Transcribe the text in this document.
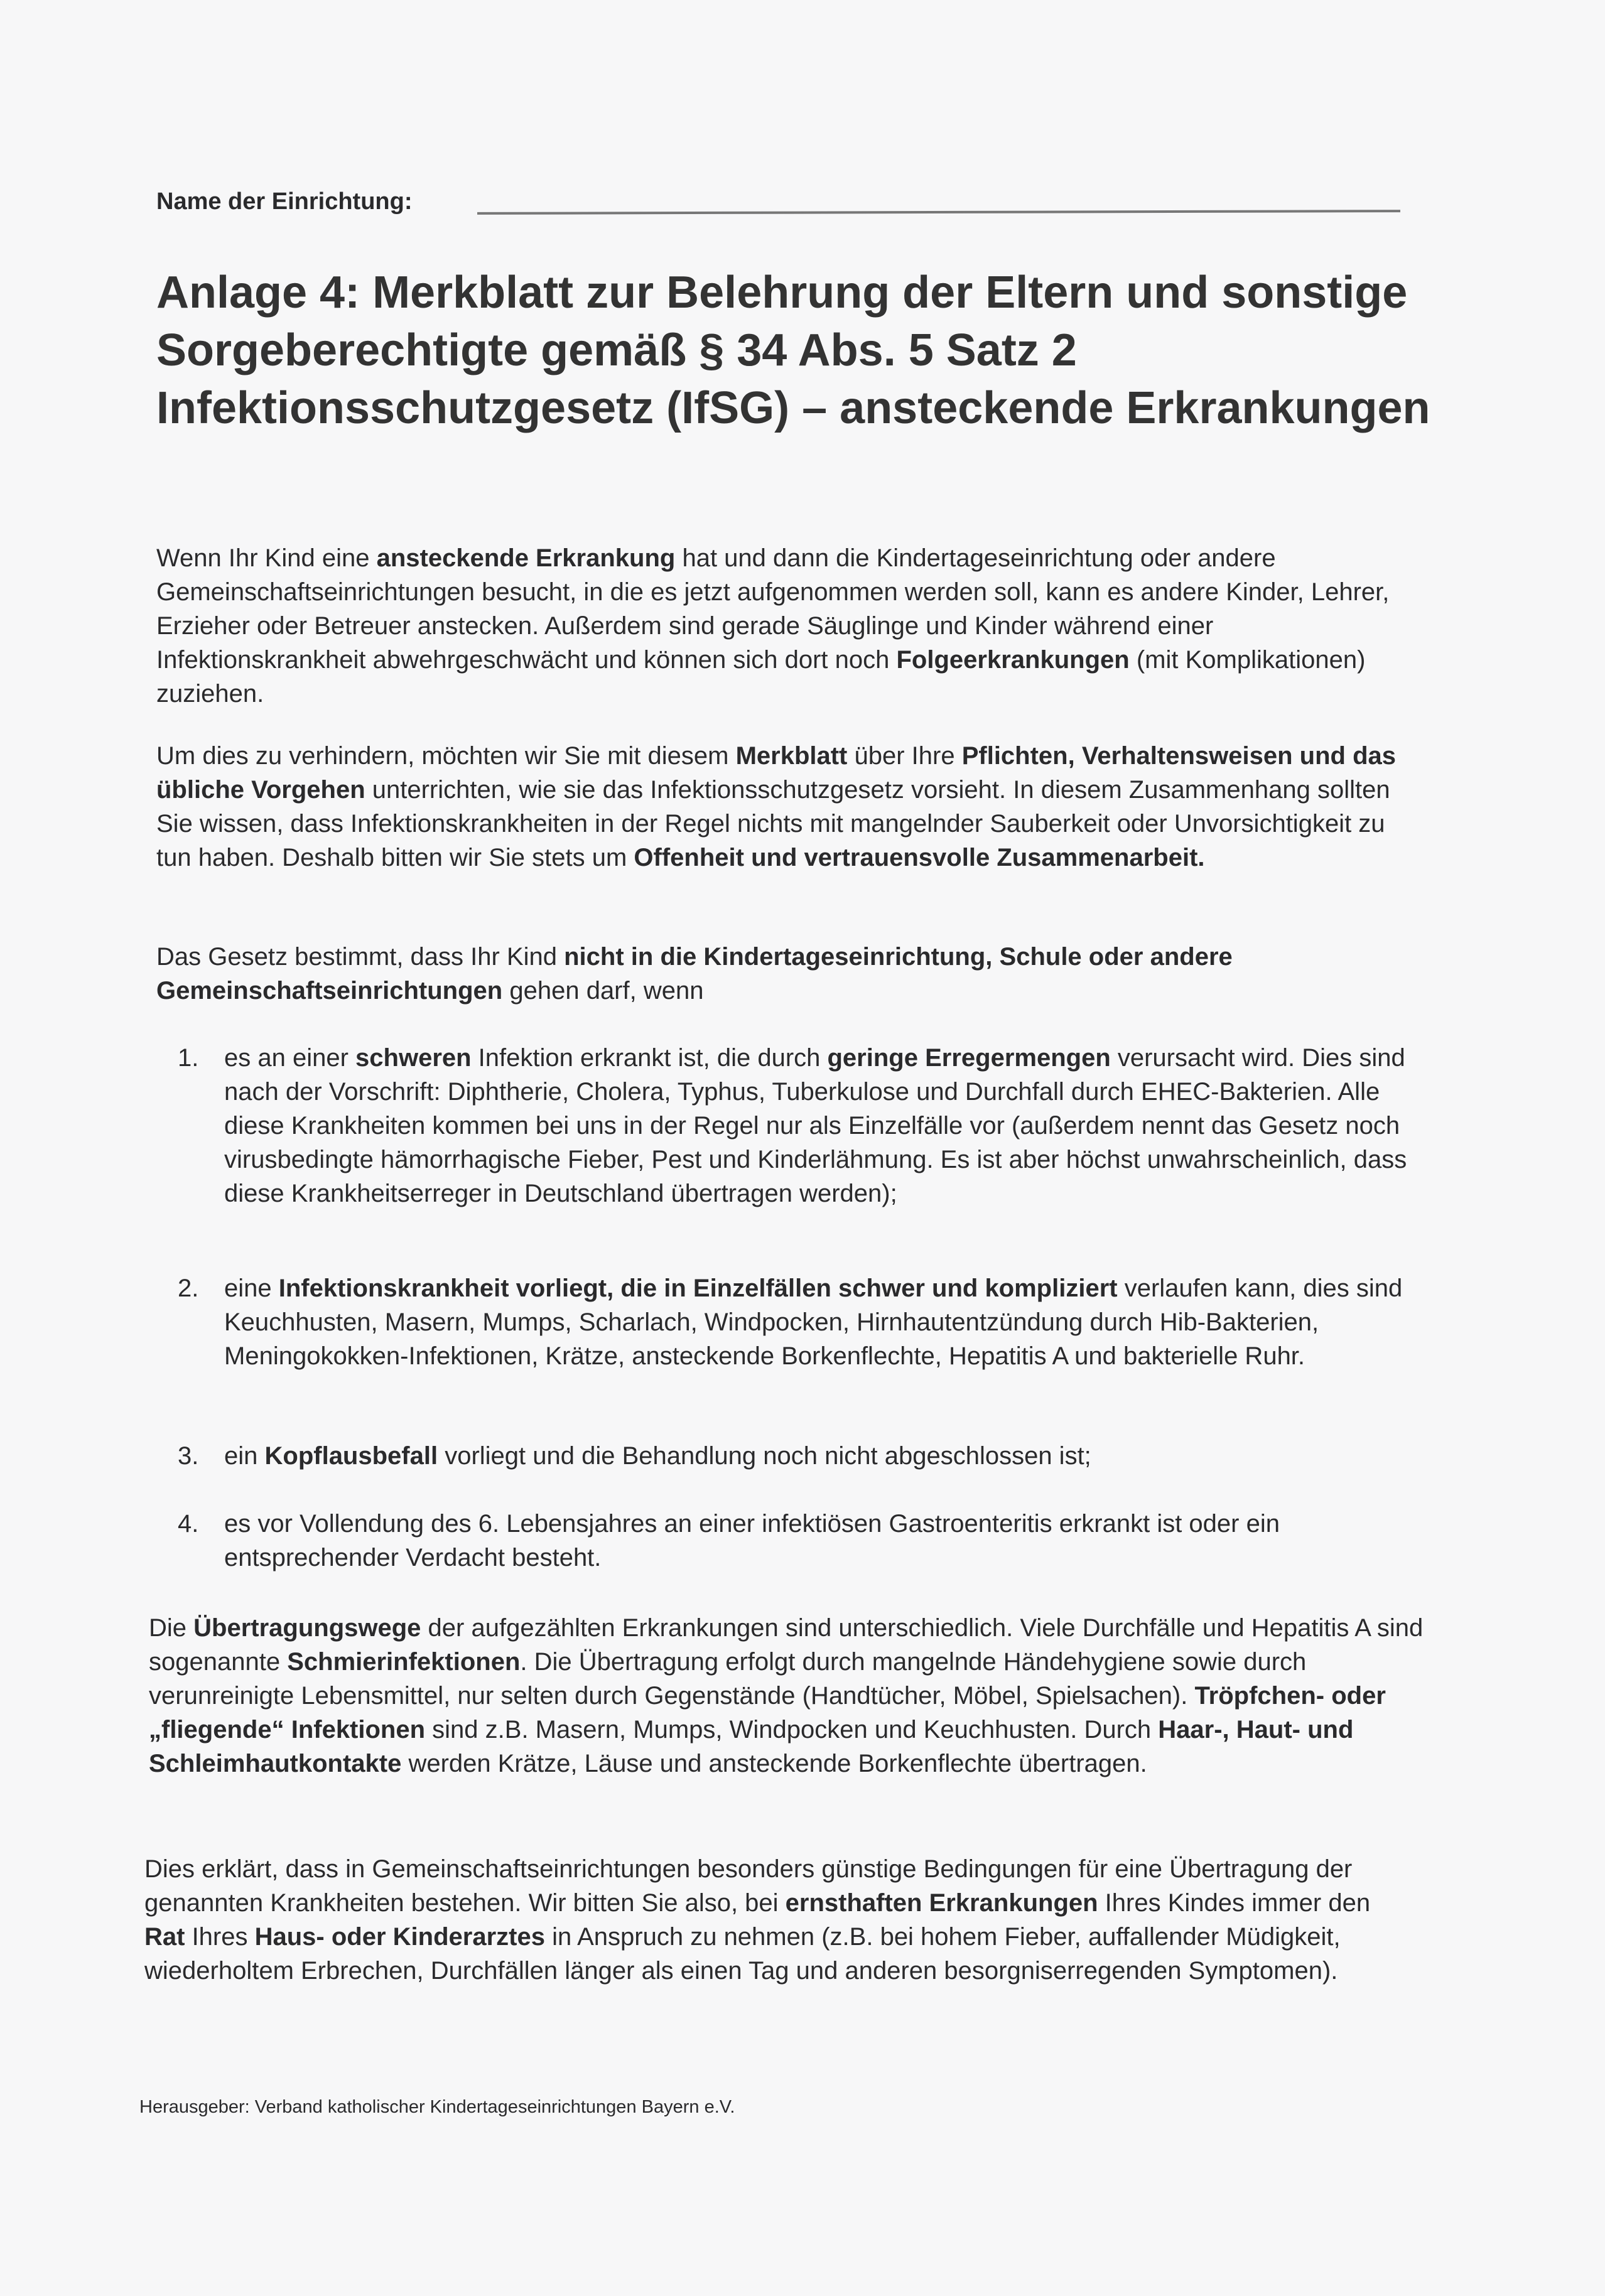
Name der Einrichtung:
Anlage 4: Merkblatt zur Belehrung der Eltern und sonstige Sorgeberechtigte gemäß § 34 Abs. 5 Satz 2 Infektionsschutzgesetz (IfSG) – ansteckende Erkrankungen
Wenn Ihr Kind eine ansteckende Erkrankung hat und dann die Kindertageseinrichtung oder andere Gemeinschaftseinrichtungen besucht, in die es jetzt aufgenommen werden soll, kann es andere Kinder, Lehrer, Erzieher oder Betreuer anstecken. Außerdem sind gerade Säuglinge und Kinder während einer Infektionskrankheit abwehrgeschwächt und können sich dort noch Folgeerkrankungen (mit Komplikationen) zuziehen.
Um dies zu verhindern, möchten wir Sie mit diesem Merkblatt über Ihre Pflichten, Verhaltensweisen und das übliche Vorgehen unterrichten, wie sie das Infektionsschutzgesetz vorsieht. In diesem Zusammenhang sollten Sie wissen, dass Infektionskrankheiten in der Regel nichts mit mangelnder Sauberkeit oder Unvorsichtigkeit zu tun haben. Deshalb bitten wir Sie stets um Offenheit und vertrauensvolle Zusammenarbeit.
Das Gesetz bestimmt, dass Ihr Kind nicht in die Kindertageseinrichtung, Schule oder andere Gemeinschaftseinrichtungen gehen darf, wenn
1.	es an einer schweren Infektion erkrankt ist, die durch geringe Erregermengen verursacht wird. Dies sind nach der Vorschrift: Diphtherie, Cholera, Typhus, Tuberkulose und Durchfall durch EHEC-Bakterien. Alle diese Krankheiten kommen bei uns in der Regel nur als Einzelfälle vor (außerdem nennt das Gesetz noch virusbedingte hämorrhagische Fieber, Pest und Kinderlähmung. Es ist aber höchst unwahrscheinlich, dass diese Krankheitserreger in Deutschland übertragen werden);
2.	eine Infektionskrankheit vorliegt, die in Einzelfällen schwer und kompliziert verlaufen kann, dies sind Keuchhusten, Masern, Mumps, Scharlach, Windpocken, Hirnhautentzündung durch Hib-Bakterien, Meningokokken-Infektionen, Krätze, ansteckende Borkenflechte, Hepatitis A und bakterielle Ruhr.
3.	ein Kopflausbefall vorliegt und die Behandlung noch nicht abgeschlossen ist;
4.	es vor Vollendung des 6. Lebensjahres an einer infektiösen Gastroenteritis erkrankt ist oder ein entsprechender Verdacht besteht.
Die Übertragungswege der aufgezählten Erkrankungen sind unterschiedlich. Viele Durchfälle und Hepatitis A sind sogenannte Schmierinfektionen. Die Übertragung erfolgt durch mangelnde Händehygiene sowie durch verunreinigte Lebensmittel, nur selten durch Gegenstände (Handtücher, Möbel, Spielsachen). Tröpfchen- oder „fliegende“ Infektionen sind z.B. Masern, Mumps, Windpocken und Keuchhusten. Durch Haar-, Haut- und Schleimhautkontakte werden Krätze, Läuse und ansteckende Borkenflechte übertragen.
Dies erklärt, dass in Gemeinschaftseinrichtungen besonders günstige Bedingungen für eine Übertragung der genannten Krankheiten bestehen. Wir bitten Sie also, bei ernsthaften Erkrankungen Ihres Kindes immer den Rat Ihres Haus- oder Kinderarztes in Anspruch zu nehmen (z.B. bei hohem Fieber, auffallender Müdigkeit, wiederholtem Erbrechen, Durchfällen länger als einen Tag und anderen besorgniserregenden Symptomen).
Herausgeber: Verband katholischer Kindertageseinrichtungen Bayern e.V.
